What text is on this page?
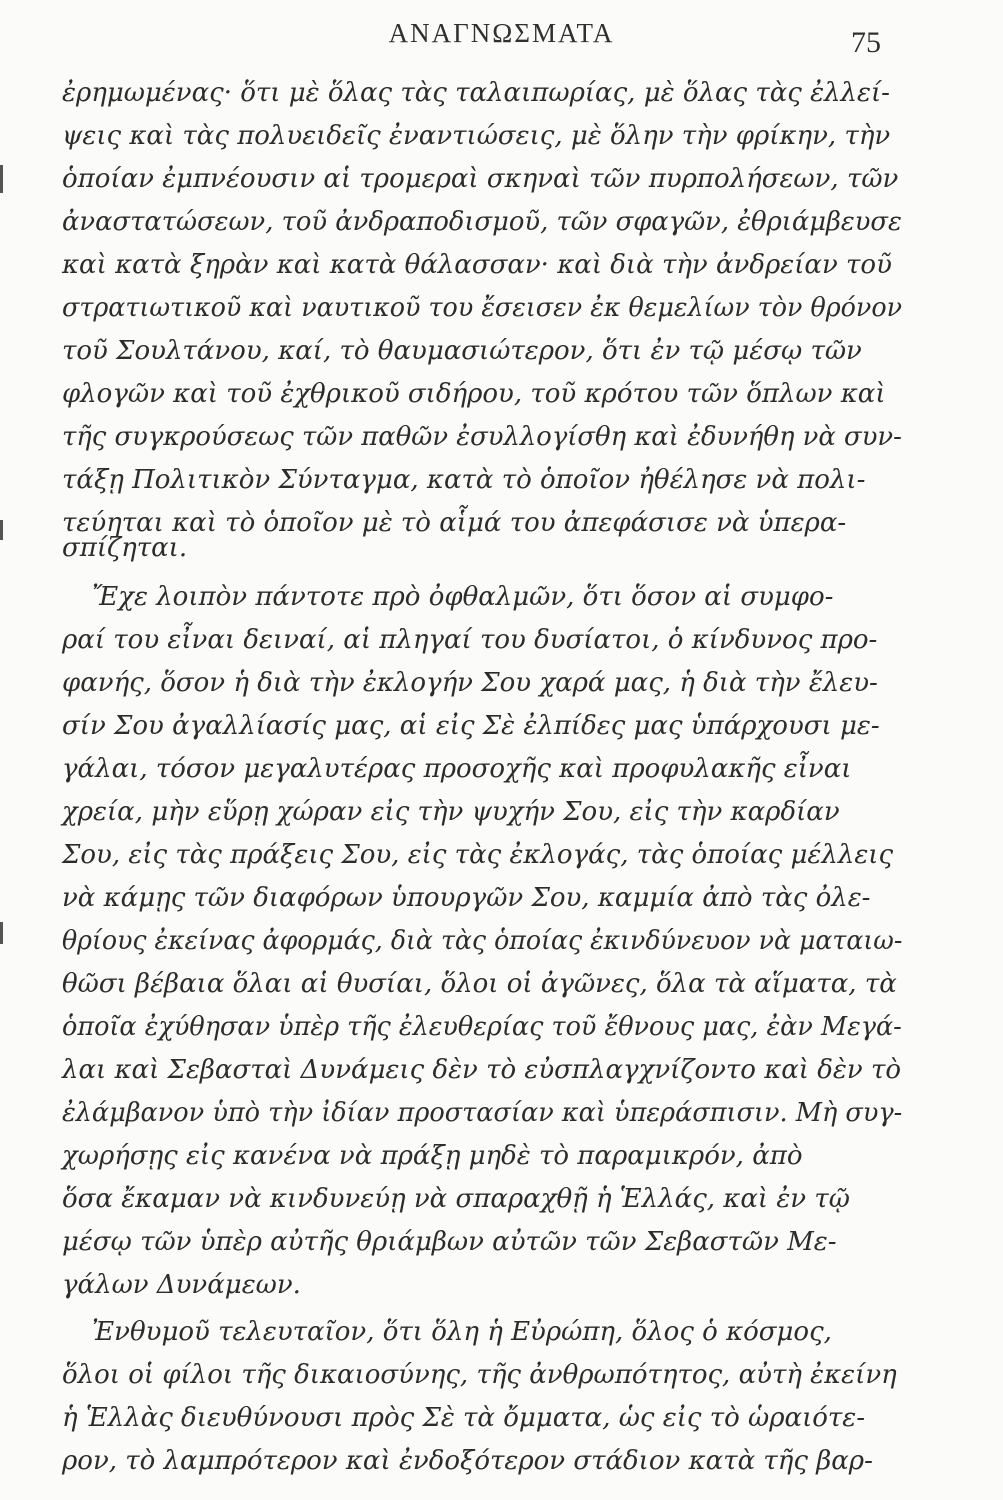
ΑΝΑΓΝΩΣΜΑΤΑ	75
ἐρημωμένας· ὅτι μὲ ὅλας τὰς ταλαιπωρίας, μὲ ὅλας τὰς ἐλλεί-
ψεις καὶ τὰς πολυειδεῖς ἐναντιώσεις, μὲ ὅλην τὴν φρίκην, τὴν
ὁποίαν ἐμπνέουσιν αἱ τρομεραὶ σκηναὶ τῶν πυρπολήσεων, τῶν
ἀναστατώσεων, τοῦ ἀνδραποδισμοῦ, τῶν σφαγῶν, ἐθριάμβευσε
καὶ κατὰ ξηρὰν καὶ κατὰ θάλασσαν· καὶ διὰ τὴν ἀνδρείαν τοῦ
στρατιωτικοῦ καὶ ναυτικοῦ του ἔσεισεν ἐκ θεμελίων τὸν θρόνον
τοῦ Σουλτάνου, καί, τὸ θαυμασιώτερον, ὅτι ἐν τῷ μέσῳ τῶν
φλογῶν καὶ τοῦ ἐχθρικοῦ σιδήρου, τοῦ κρότου τῶν ὅπλων καὶ
τῆς συγκρούσεως τῶν παθῶν ἐσυλλογίσθη καὶ ἐδυνήθη νὰ συν-
τάξῃ Πολιτικὸν Σύνταγμα, κατὰ τὸ ὁποῖον ἠθέλησε νὰ πολι-
τεύηται καὶ τὸ ὁποῖον μὲ τὸ αἷμά του ἀπεφάσισε νὰ ὑπερα-
σπίζηται.
Ἔχε λοιπὸν πάντοτε πρὸ ὀφθαλμῶν, ὅτι ὅσον αἱ συμφο-
ραί του εἶναι δειναί, αἱ πληγαί του δυσίατοι, ὁ κίνδυνος προ-
φανής, ὅσον ἡ διὰ τὴν ἐκλογήν Σου χαρά μας, ἡ διὰ τὴν ἔλευ-
σίν Σου ἀγαλλίασίς μας, αἱ εἰς Σὲ ἐλπίδες μας ὑπάρχουσι με-
γάλαι, τόσον μεγαλυτέρας προσοχῆς καὶ προφυλακῆς εἶναι
χρεία, μὴν εὕρῃ χώραν εἰς τὴν ψυχήν Σου, εἰς τὴν καρδίαν
Σου, εἰς τὰς πράξεις Σου, εἰς τὰς ἐκλογάς, τὰς ὁποίας μέλλεις
νὰ κάμῃς τῶν διαφόρων ὑπουργῶν Σου, καμμία ἀπὸ τὰς ὀλε-
θρίους ἐκείνας ἀφορμάς, διὰ τὰς ὁποίας ἐκινδύνευον νὰ ματαιω-
θῶσι βέβαια ὅλαι αἱ θυσίαι, ὅλοι οἱ ἀγῶνες, ὅλα τὰ αἵματα, τὰ
ὁποῖα ἐχύθησαν ὑπὲρ τῆς ἐλευθερίας τοῦ ἔθνους μας, ἐὰν Μεγά-
λαι καὶ Σεβασταὶ Δυνάμεις δὲν τὸ εὐσπλαγχνίζοντο καὶ δὲν τὸ
ἐλάμβανον ὑπὸ τὴν ἰδίαν προστασίαν καὶ ὑπεράσπισιν. Μὴ συγ-
χωρήσῃς εἰς κανένα νὰ πράξῃ μηδὲ τὸ παραμικρόν, ἀπὸ
ὅσα ἔκαμαν νὰ κινδυνεύῃ νὰ σπαραχθῇ ἡ Ἑλλάς, καὶ ἐν τῷ
μέσῳ τῶν ὑπὲρ αὐτῆς θριάμβων αὐτῶν τῶν Σεβαστῶν Με-
γάλων Δυνάμεων.
Ἐνθυμοῦ τελευταῖον, ὅτι ὅλη ἡ Εὐρώπη, ὅλος ὁ κόσμος,
ὅλοι οἱ φίλοι τῆς δικαιοσύνης, τῆς ἀνθρωπότητος, αὐτὴ ἐκείνη
ἡ Ἑλλὰς διευθύνουσι πρὸς Σὲ τὰ ὄμματα, ὡς εἰς τὸ ὡραιότε-
ρον, τὸ λαμπρότερον καὶ ἐνδοξότερον στάδιον κατὰ τῆς βαρ-
